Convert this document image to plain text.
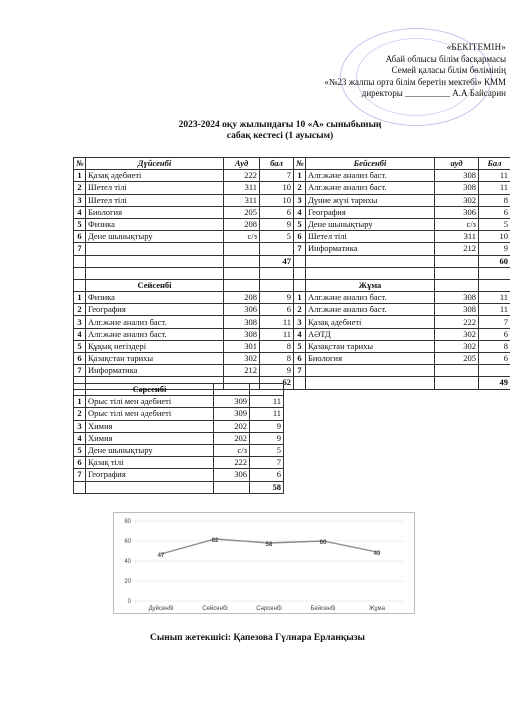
«БЕКІТЕМІН»
Абай облысы білім басқармасы
Семей қаласы білім бөлімінің
«№23 жалпы орта білім беретін мектебі» КММ
директоры __________ А.А Байсарин
2023-2024 оқу жылындағы 10 «А» сыныбының
сабақ кестесі (1 ауысым)
№	Дүйсенбі	Ауд	бал
1	Қазақ әдебиеті	222	7
2	Шетел тілі	311	10
3	Шетел тілі	311	10
4	Биология	205	6
5	Физика	208	9
6	Дене шынықтыру	с/з	5
7			
			47

	Сейсенбі		
1	Физика	208	9
2	География	306	6
3	Алг.және анализ баст.	308	11
4	Алг.және анализ баст.	308	11
5	Құқық негіздері	301	8
6	Қазақстан тарихы	302	8
7	Информатика	212	9
			62
№	Бейсенбі	ауд	Бал
1	Алг.және анализ баст.	308	11
2	Алг.және анализ баст.	308	11
3	Дүние жүзі тарихы	302	8
4	География	306	6
5	Дене шынықтыру	с/з	5
6	Шетел тілі	311	10
7	Информатика	212	9
			60

	Жұма		
1	Алг.және анализ баст.	308	11
2	Алг.және анализ баст.	308	11
3	Қазақ әдебиеті	222	7
4	АӘТД	302	6
5	Қазақстан тарихы	302	8
6	Биология	205	6
7			
			49
	Сәрсенбі		
1	Орыс тілі мен әдебиеті	309	11
2	Орыс тілі мен әдебиеті	309	11
3	Химия	202	9
4	Химия	202	9
5	Дене шынықтыру	с/з	5
6	Қазақ тілі	222	7
7	География	306	6
			58
0
20
40
60
80
Дүйсенбі	Сейсенбі	Сәрсенбі	Бейсенбі	Жұма
47
62
58	60
49
Сынып жетекшісі: Қапезова Гүлнара Ерланқызы
